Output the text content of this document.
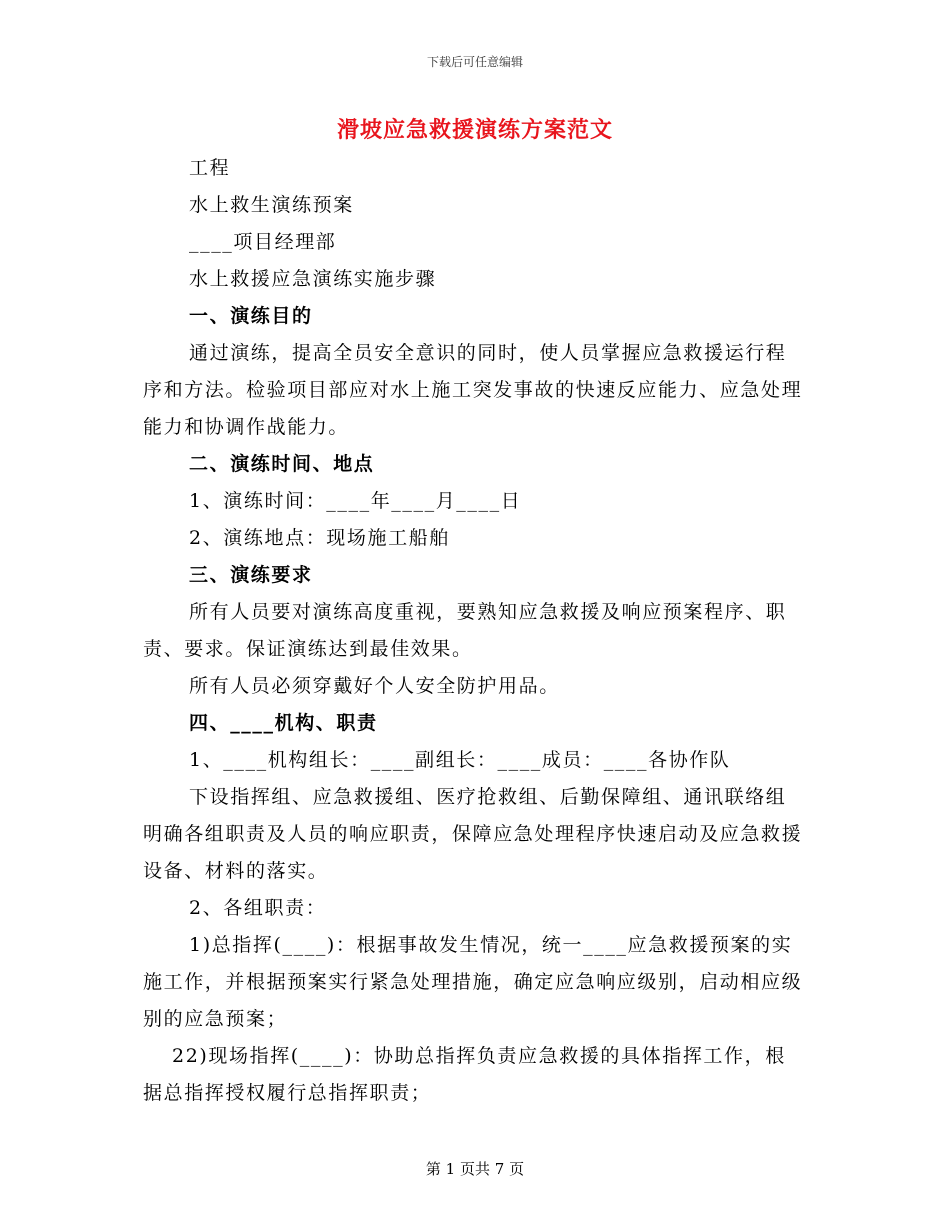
下载后可任意编辑
滑坡应急救援演练方案范文

工程

水上救生演练预案

____项目经理部

水上救援应急演练实施步骤

一、演练目的

通过演练，提高全员安全意识的同时，使人员掌握应急救援运行程序和方法。检验项目部应对水上施工突发事故的快速反应能力、应急处理能力和协调作战能力。

二、演练时间、地点

1、演练时间：____年____月____日

2、演练地点：现场施工船舶

三、演练要求

所有人员要对演练高度重视，要熟知应急救援及响应预案程序、职责、要求。保证演练达到最佳效果。

所有人员必须穿戴好个人安全防护用品。

四、____机构、职责

1、____机构组长：____副组长：____成员：____各协作队

下设指挥组、应急救援组、医疗抢救组、后勤保障组、通讯联络组明确各组职责及人员的响应职责，保障应急处理程序快速启动及应急救援设备、材料的落实。

2、各组职责：

1)总指挥(____)：根据事故发生情况，统一____应急救援预案的实施工作，并根据预案实行紧急处理措施，确定应急响应级别，启动相应级别的应急预案；

22)现场指挥(____)：协助总指挥负责应急救援的具体指挥工作，根据总指挥授权履行总指挥职责；

第 1 页共 7 页
